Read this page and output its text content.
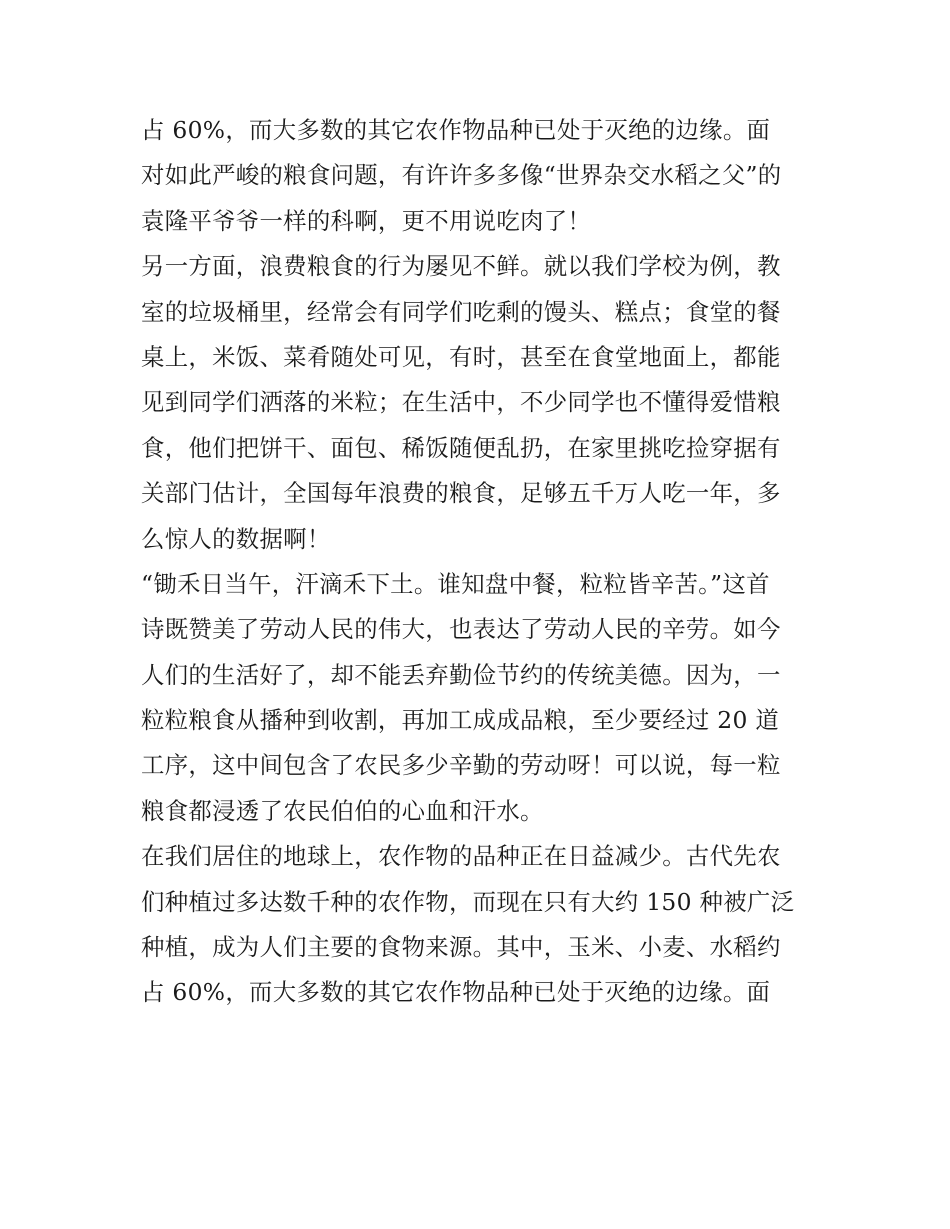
占 60%，而大多数的其它农作物品种已处于灭绝的边缘。面
对如此严峻的粮食问题，有许许多多像“世界杂交水稻之父”的
袁隆平爷爷一样的科啊，更不用说吃肉了！
另一方面，浪费粮食的行为屡见不鲜。就以我们学校为例，教
室的垃圾桶里，经常会有同学们吃剩的馒头、糕点；食堂的餐
桌上，米饭、菜肴随处可见，有时，甚至在食堂地面上，都能
见到同学们洒落的米粒；在生活中，不少同学也不懂得爱惜粮
食，他们把饼干、面包、稀饭随便乱扔，在家里挑吃捡穿据有
关部门估计，全国每年浪费的粮食，足够五千万人吃一年，多
么惊人的数据啊！
“锄禾日当午，汗滴禾下土。谁知盘中餐，粒粒皆辛苦。”这首
诗既赞美了劳动人民的伟大，也表达了劳动人民的辛劳。如今
人们的生活好了，却不能丢弃勤俭节约的传统美德。因为，一
粒粒粮食从播种到收割，再加工成成品粮，至少要经过 20 道
工序，这中间包含了农民多少辛勤的劳动呀！可以说，每一粒
粮食都浸透了农民伯伯的心血和汗水。
在我们居住的地球上，农作物的品种正在日益减少。古代先农
们种植过多达数千种的农作物，而现在只有大约 150 种被广泛
种植，成为人们主要的食物来源。其中，玉米、小麦、水稻约
占 60%，而大多数的其它农作物品种已处于灭绝的边缘。面
